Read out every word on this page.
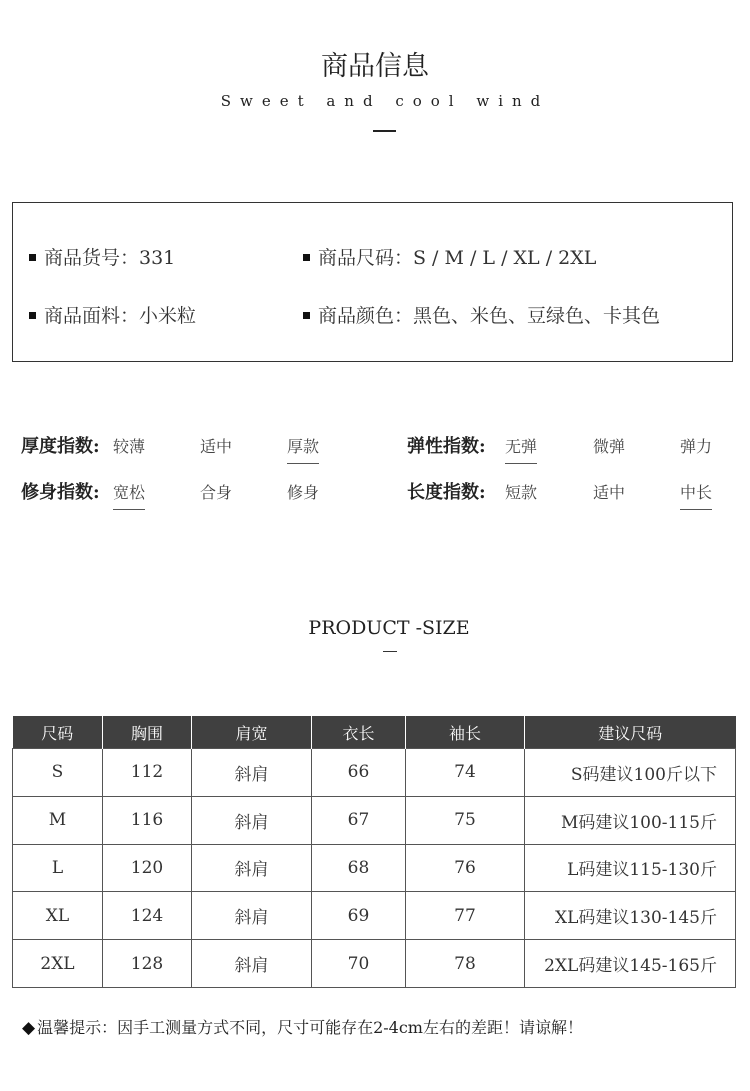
商品信息
Sweet and cool wind
商品货号：331	商品尺码：S / M / L / XL / 2XL
商品面料：小米粒	商品颜色：黑色、米色、豆绿色、卡其色
厚度指数: 较薄	适中	厚款	弹性指数: 无弹	微弹	弹力
修身指数: 宽松	合身	修身	长度指数: 短款	适中	中长
PRODUCT -SIZE
尺码	胸围	肩宽	衣长	袖长	建议尺码
S	112	斜肩	66	74	S码建议100斤以下
M	116	斜肩	67	75	M码建议100-115斤
L	120	斜肩	68	76	L码建议115-130斤
XL	124	斜肩	69	77	XL码建议130-145斤
2XL	128	斜肩	70	78	2XL码建议145-165斤
◆ 温馨提示：因手工测量方式不同，尺寸可能存在2-4cm左右的差距！请谅解！
